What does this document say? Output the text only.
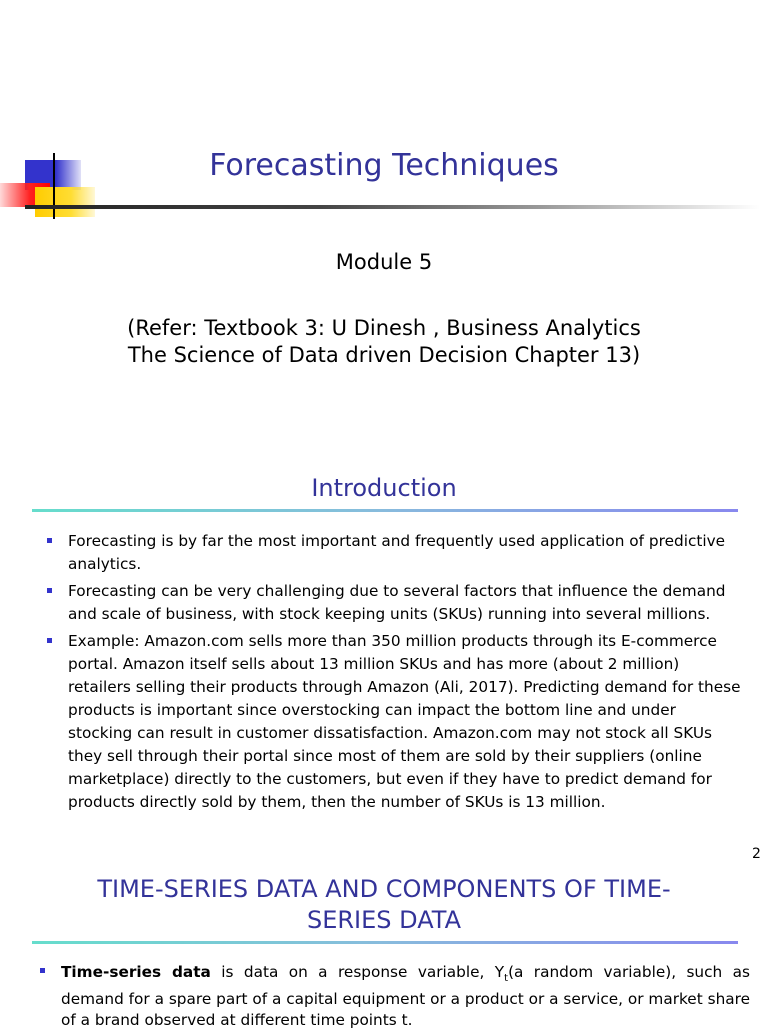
Forecasting Techniques
Module 5
(Refer: Textbook 3: U Dinesh , Business Analytics The Science of Data driven Decision Chapter 13)
Introduction
Forecasting is by far the most important and frequently used application of predictive analytics.
Forecasting can be very challenging due to several factors that influence the demand and scale of business, with stock keeping units (SKUs) running into several millions.
Example: Amazon.com sells more than 350 million products through its E-commerce portal. Amazon itself sells about 13 million SKUs and has more (about 2 million) retailers selling their products through Amazon (Ali, 2017). Predicting demand for these products is important since overstocking can impact the bottom line and under stocking can result in customer dissatisfaction. Amazon.com may not stock all SKUs they sell through their portal since most of them are sold by their suppliers (online marketplace) directly to the customers, but even if they have to predict demand for products directly sold by them, then the number of SKUs is 13 million.
2
TIME-SERIES DATA AND COMPONENTS OF TIME-SERIES DATA
Time-series data is data on a response variable, $Y_t(a$ random variable), such as demand for a spare part of a capital equipment or a product or a service, or market share of a brand observed at different time points t.
